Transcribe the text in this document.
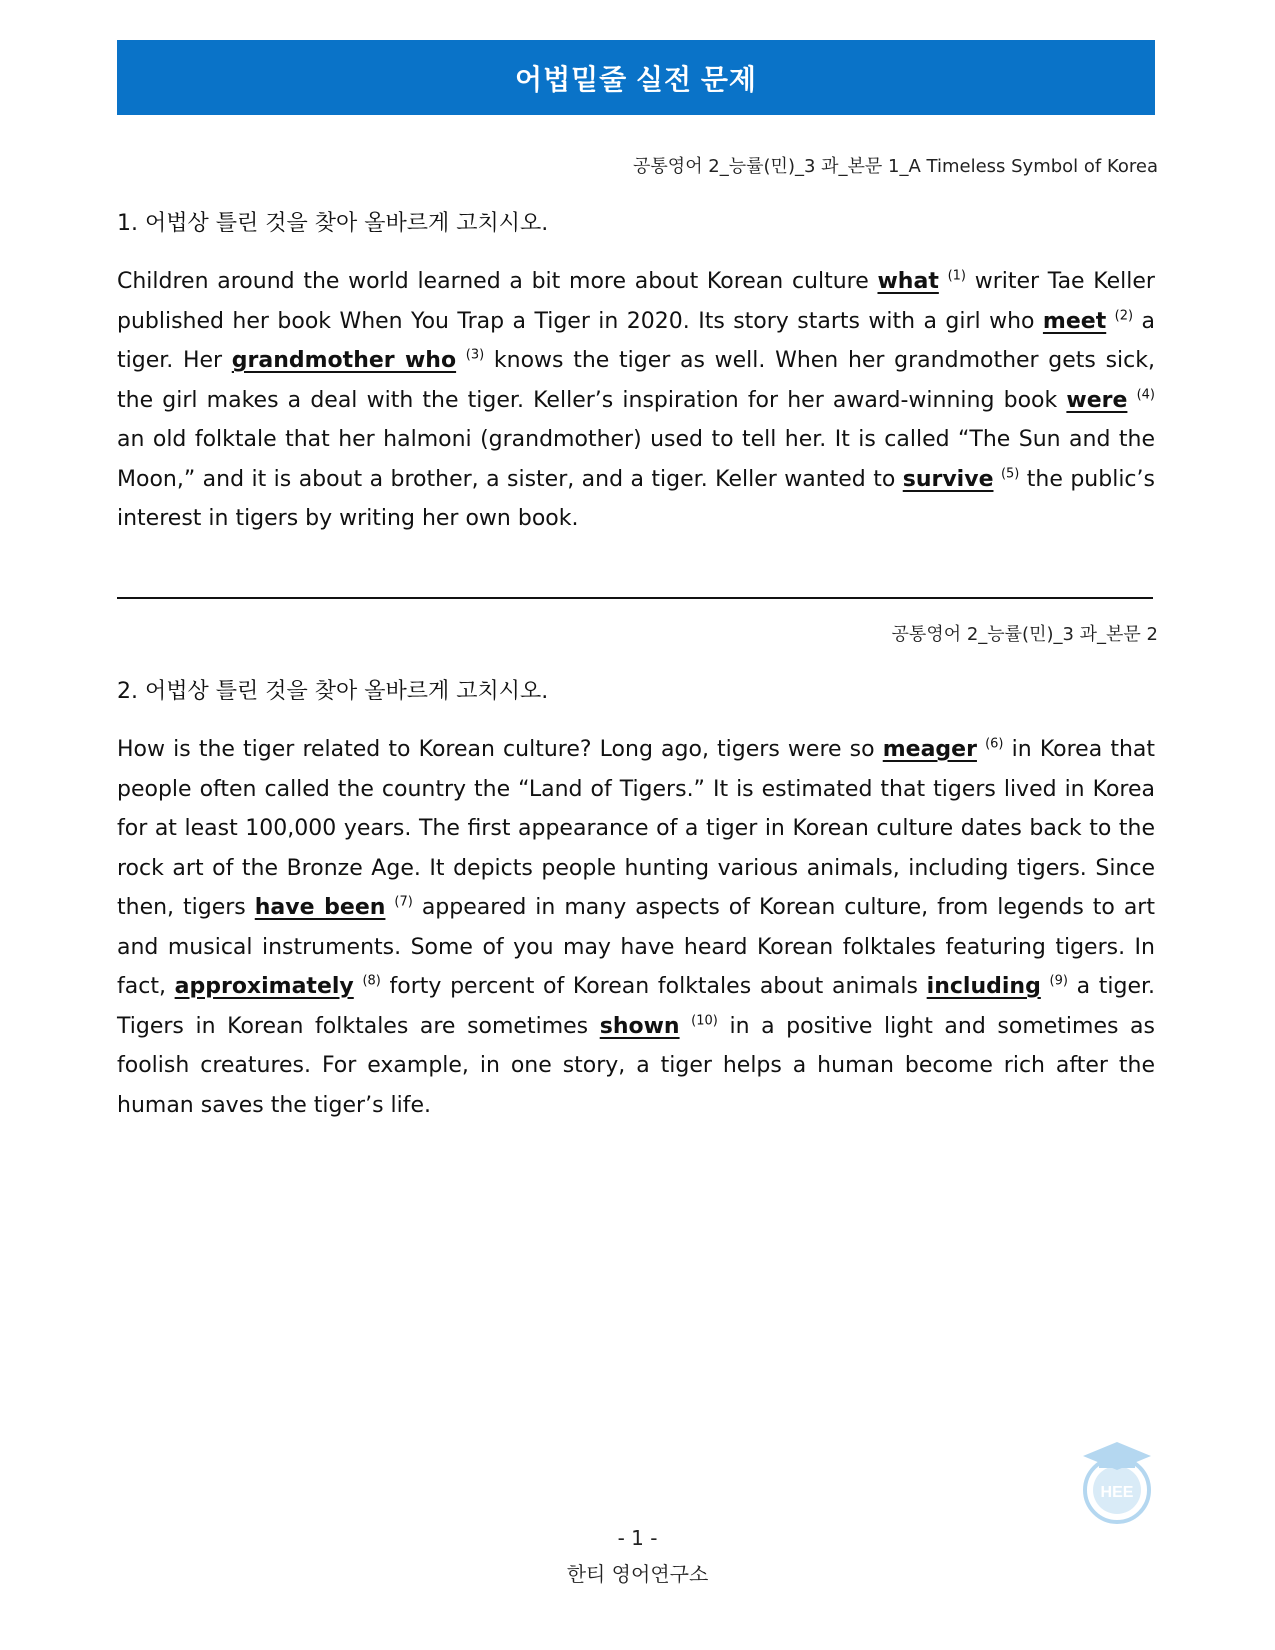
어법밑줄 실전 문제
공통영어 2_능률(민)_3 과_본문 1_A Timeless Symbol of Korea
1. 어법상 틀린 것을 찾아 올바르게 고치시오.
Children around the world learned a bit more about Korean culture what $^{(1)}$ writer Tae Keller published her book When You Trap a Tiger in 2020. Its story starts with a girl who meet $^{(2)}$ a tiger. Her grandmother who $^{(3)}$ knows the tiger as well. When her grandmother gets sick, the girl makes a deal with the tiger. Keller’s inspiration for her award-winning book were $^{(4)}$ an old folktale that her halmoni (grandmother) used to tell her. It is called “The Sun and the Moon,” and it is about a brother, a sister, and a tiger. Keller wanted to survive $^{(5)}$ the public’s interest in tigers by writing her own book.
공통영어 2_능률(민)_3 과_본문 2
2. 어법상 틀린 것을 찾아 올바르게 고치시오.
How is the tiger related to Korean culture? Long ago, tigers were so meager $^{(6)}$ in Korea that people often called the country the “Land of Tigers.” It is estimated that tigers lived in Korea for at least 100,000 years. The first appearance of a tiger in Korean culture dates back to the rock art of the Bronze Age. It depicts people hunting various animals, including tigers. Since then, tigers have been $^{(7)}$ appeared in many aspects of Korean culture, from legends to art and musical instruments. Some of you may have heard Korean folktales featuring tigers. In fact, approximately $^{(8)}$ forty percent of Korean folktales about animals including $^{(9)}$ a tiger. Tigers in Korean folktales are sometimes shown $^{(10)}$ in a positive light and sometimes as foolish creatures. For example, in one story, a tiger helps a human become rich after the human saves the tiger’s life.
HEE
- 1 -
한티 영어연구소
